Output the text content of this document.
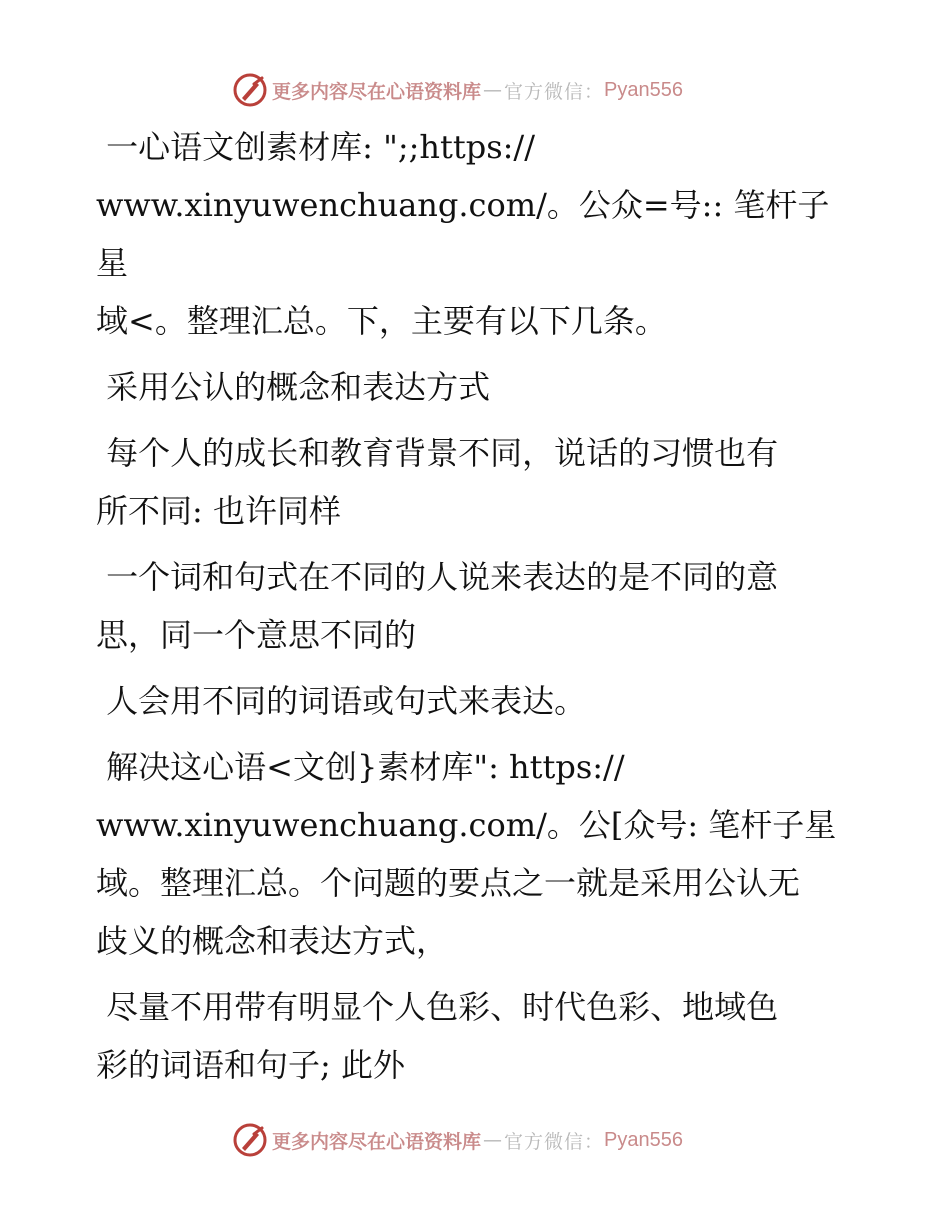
更多内容尽在心语资料库 — 官方微信： Pyan556

一心语文创素材库: ";;https://

www.xinyuwenchuang.com/。公众=号:: 笔杆子星

域<。整理汇总。下，主要有以下几条。

采用公认的概念和表达方式

每个人的成长和教育背景不同，说话的习惯也有

所不同: 也许同样

一个词和句式在不同的人说来表达的是不同的意

思，同一个意思不同的

人会用不同的词语或句式来表达。

解决这心语<文创}素材库": https://

www.xinyuwenchuang.com/。公[众号: 笔杆子星

域。整理汇总。个问题的要点之一就是采用公认无

歧义的概念和表达方式，

尽量不用带有明显个人色彩、时代色彩、地域色

彩的词语和句子; 此外

更多内容尽在心语资料库 — 官方微信： Pyan556
